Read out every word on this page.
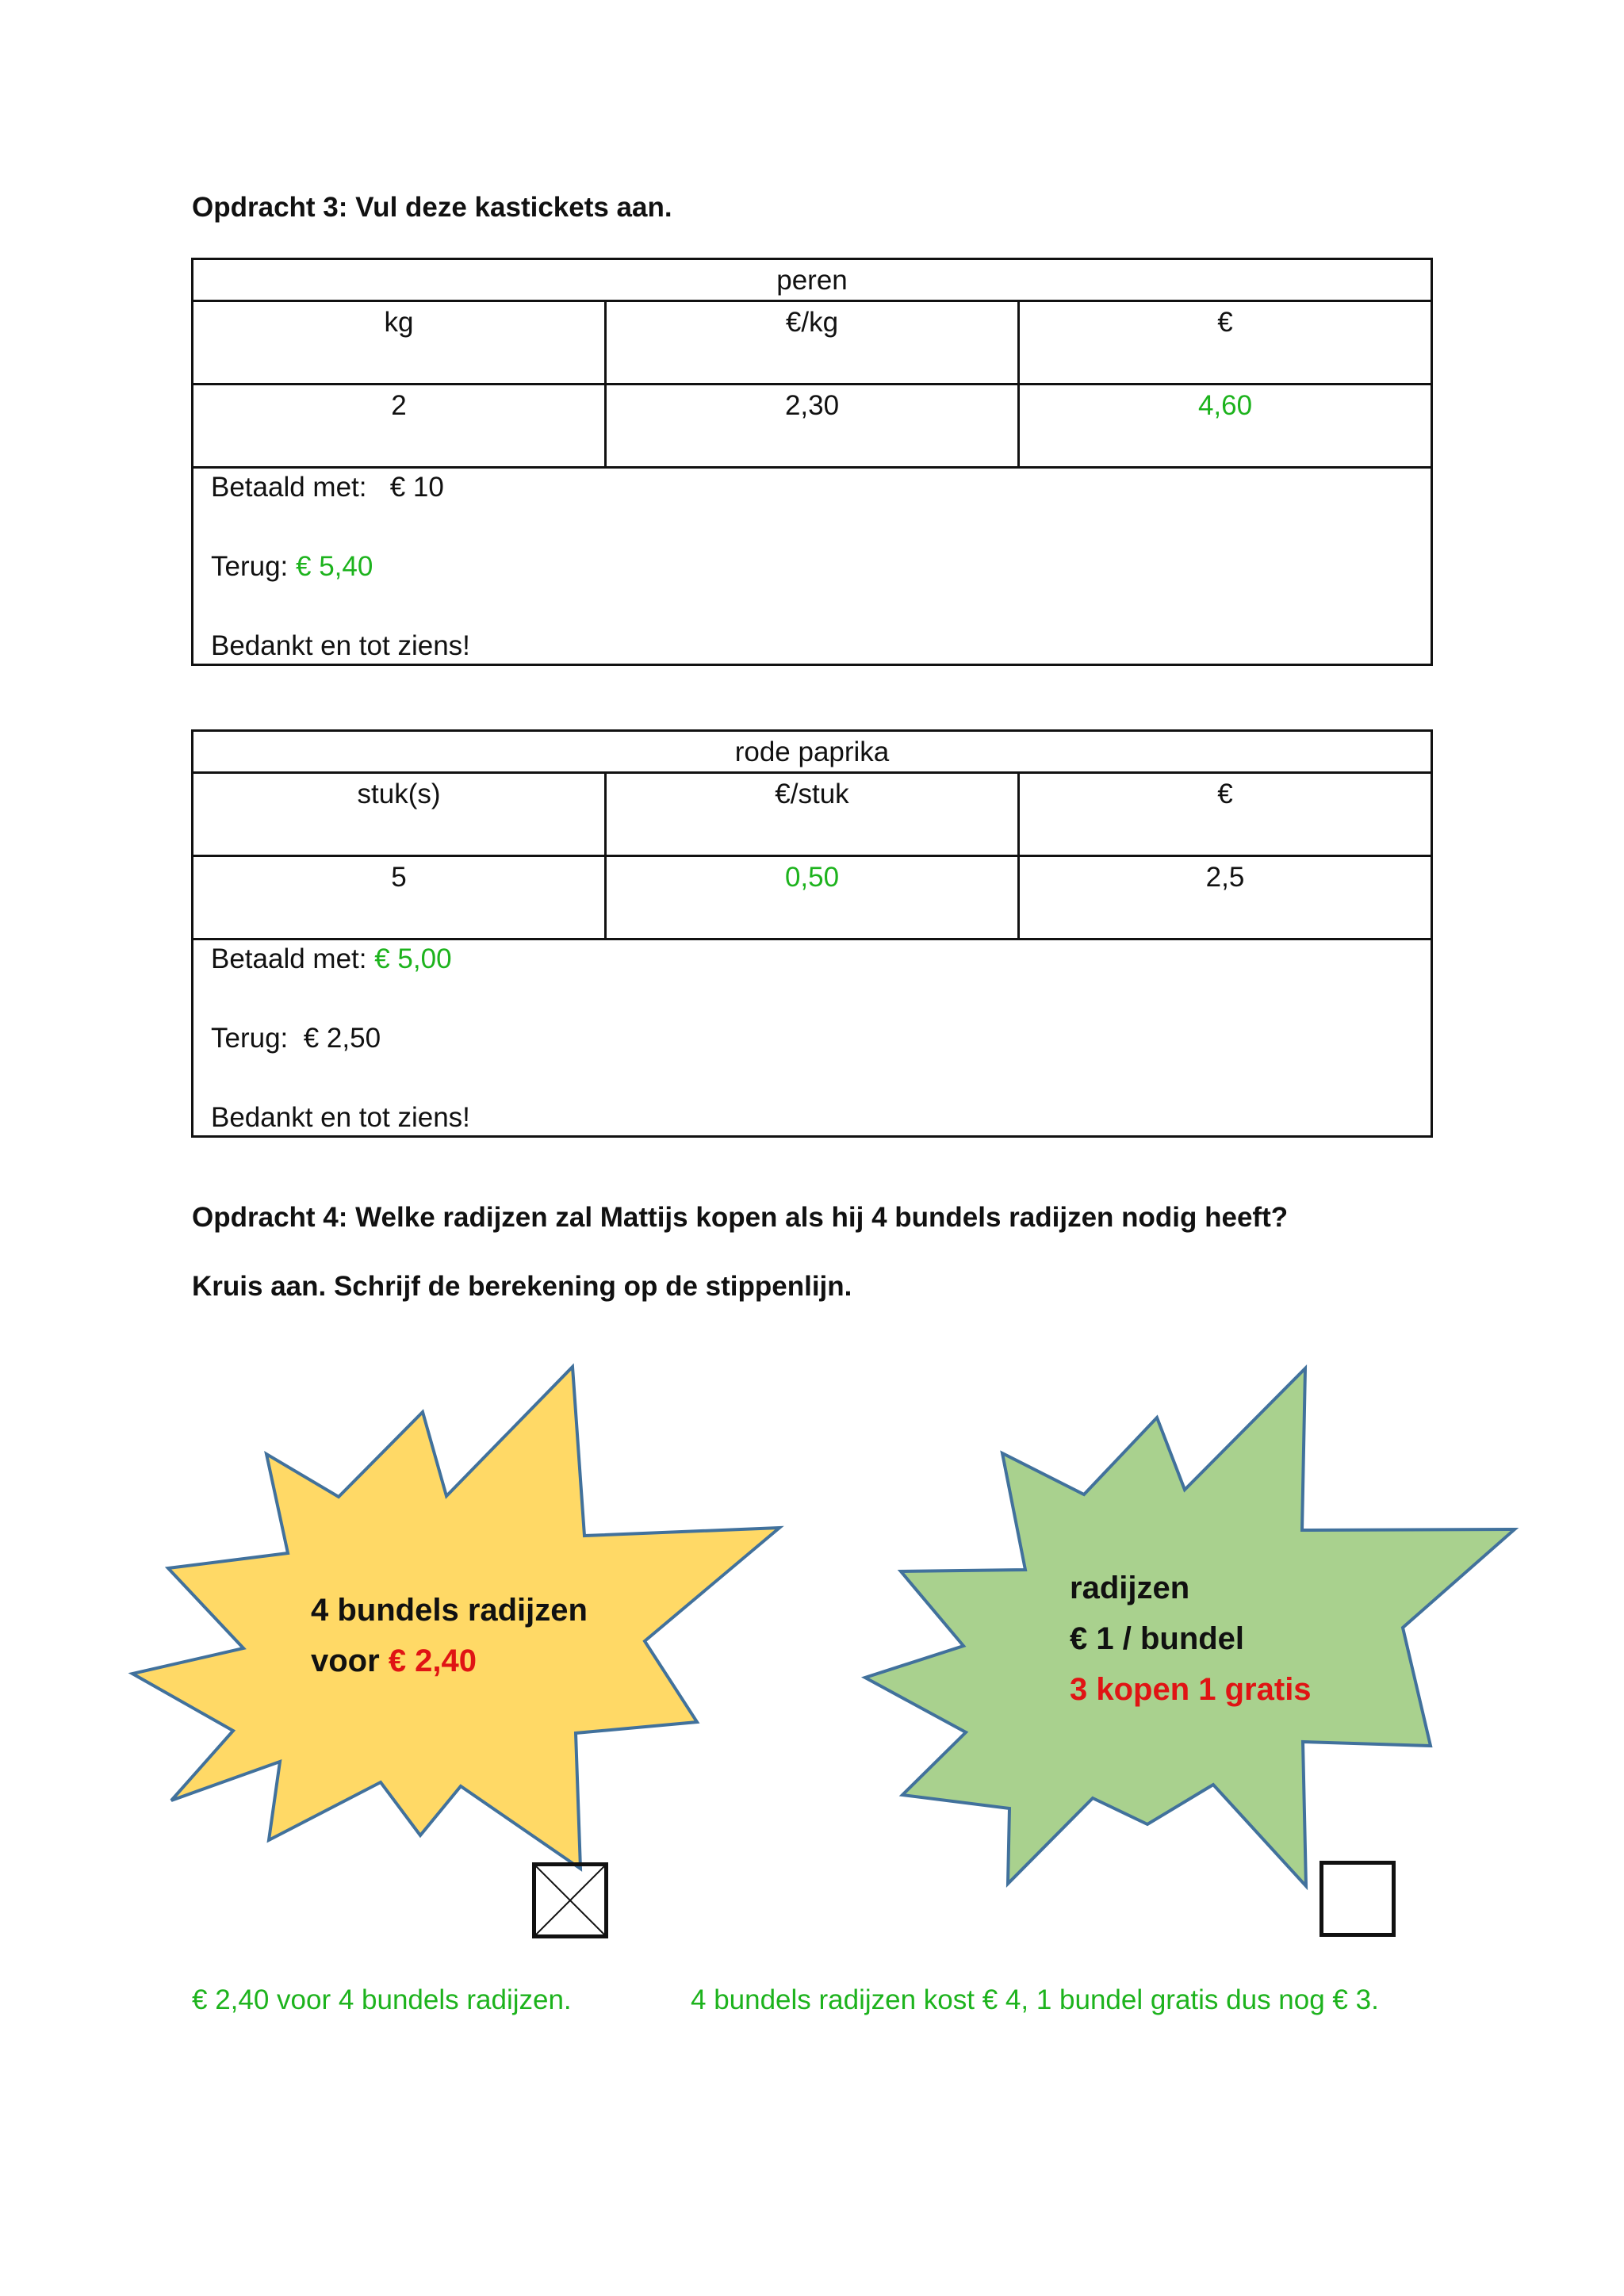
Opdracht 3: Vul deze kastickets aan.
peren
kg	€/kg	€
2	2,30	4,60
Betaald met: € 10
Terug: € 5,40
Bedankt en tot ziens!
rode paprika
stuk(s)	€/stuk	€
5	0,50	2,5
Betaald met: € 5,00
Terug: € 2,50
Bedankt en tot ziens!
Opdracht 4: Welke radijzen zal Mattijs kopen als hij 4 bundels radijzen nodig heeft?
Kruis aan. Schrijf de berekening op de stippenlijn.
4 bundels radijzen
voor € 2,40
radijzen
€ 1 / bundel
3 kopen 1 gratis
€ 2,40 voor 4 bundels radijzen.	4 bundels radijzen kost € 4, 1 bundel gratis dus nog € 3.
